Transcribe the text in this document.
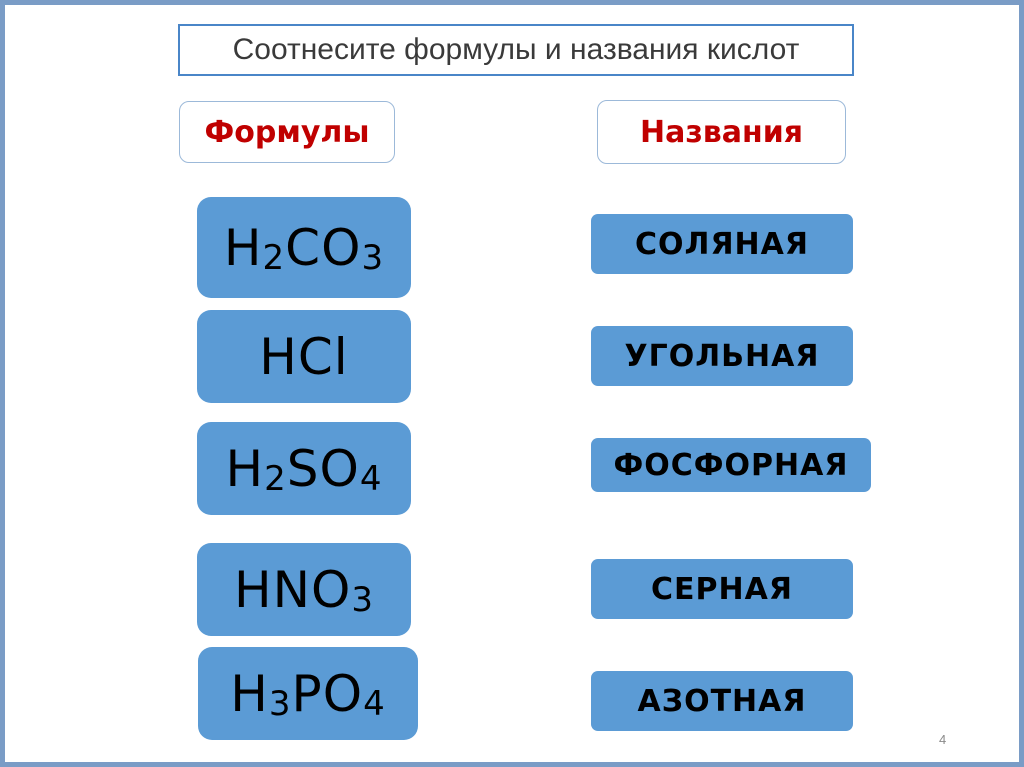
Соотнесите формулы и названия кислот
Формулы	Названия
H 2 CO 3
HCl
H 2 SO 4
HNO 3
H 3 PO 4
СОЛЯНАЯ
УГОЛЬНАЯ
ФОСФОРНАЯ
СЕРНАЯ
АЗОТНАЯ
4
